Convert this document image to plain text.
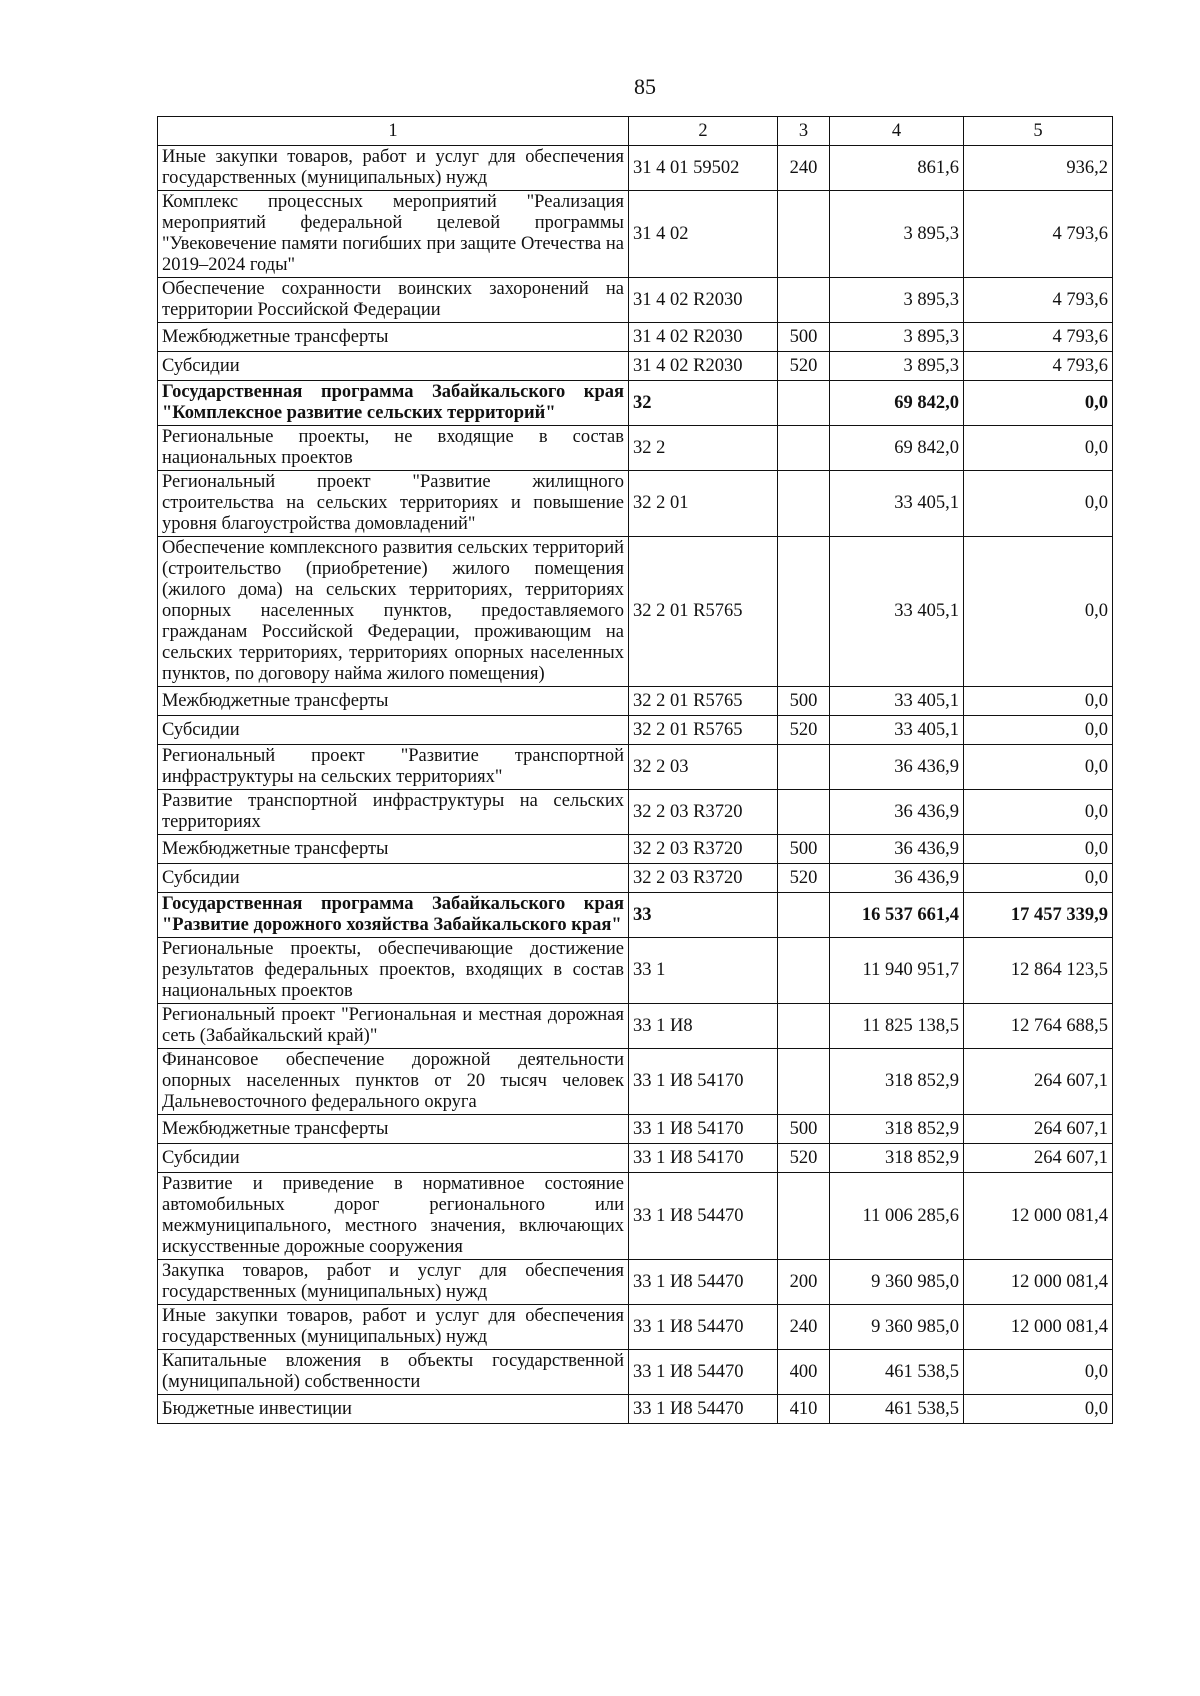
85
1	2	3	4	5
Иные закупки товаров, работ и услуг для обеспечения государственных (муниципальных) нужд	31 4 01 59502	240	861,6	936,2
Комплекс процессных мероприятий "Реализация мероприятий федеральной целевой программы "Увековечение памяти погибших при защите Отечества на 2019–2024 годы"	31 4 02		3 895,3	4 793,6
Обеспечение сохранности воинских захоронений на территории Российской Федерации	31 4 02 R2030		3 895,3	4 793,6
Межбюджетные трансферты	31 4 02 R2030	500	3 895,3	4 793,6
Субсидии	31 4 02 R2030	520	3 895,3	4 793,6
Государственная программа Забайкальского края "Комплексное развитие сельских территорий"	32		69 842,0	0,0
Региональные проекты, не входящие в состав национальных проектов	32 2		69 842,0	0,0
Региональный проект "Развитие жилищного строительства на сельских территориях и повышение уровня благоустройства домовладений"	32 2 01		33 405,1	0,0
Обеспечение комплексного развития сельских территорий (строительство (приобретение) жилого помещения (жилого дома) на сельских территориях, территориях опорных населенных пунктов, предоставляемого гражданам Российской Федерации, проживающим на сельских территориях, территориях опорных населенных пунктов, по договору найма жилого помещения)	32 2 01 R5765		33 405,1	0,0
Межбюджетные трансферты	32 2 01 R5765	500	33 405,1	0,0
Субсидии	32 2 01 R5765	520	33 405,1	0,0
Региональный проект "Развитие транспортной инфраструктуры на сельских территориях"	32 2 03		36 436,9	0,0
Развитие транспортной инфраструктуры на сельских территориях	32 2 03 R3720		36 436,9	0,0
Межбюджетные трансферты	32 2 03 R3720	500	36 436,9	0,0
Субсидии	32 2 03 R3720	520	36 436,9	0,0
Государственная программа Забайкальского края "Развитие дорожного хозяйства Забайкальского края"	33		16 537 661,4	17 457 339,9
Региональные проекты, обеспечивающие достижение результатов федеральных проектов, входящих в состав национальных проектов	33 1		11 940 951,7	12 864 123,5
Региональный проект "Региональная и местная дорожная сеть (Забайкальский край)"	33 1 И8		11 825 138,5	12 764 688,5
Финансовое обеспечение дорожной деятельности опорных населенных пунктов от 20 тысяч человек Дальневосточного федерального округа	33 1 И8 54170		318 852,9	264 607,1
Межбюджетные трансферты	33 1 И8 54170	500	318 852,9	264 607,1
Субсидии	33 1 И8 54170	520	318 852,9	264 607,1
Развитие и приведение в нормативное состояние автомобильных дорог регионального или межмуниципального, местного значения, включающих искусственные дорожные сооружения	33 1 И8 54470		11 006 285,6	12 000 081,4
Закупка товаров, работ и услуг для обеспечения государственных (муниципальных) нужд	33 1 И8 54470	200	9 360 985,0	12 000 081,4
Иные закупки товаров, работ и услуг для обеспечения государственных (муниципальных) нужд	33 1 И8 54470	240	9 360 985,0	12 000 081,4
Капитальные вложения в объекты государственной (муниципальной) собственности	33 1 И8 54470	400	461 538,5	0,0
Бюджетные инвестиции	33 1 И8 54470	410	461 538,5	0,0
